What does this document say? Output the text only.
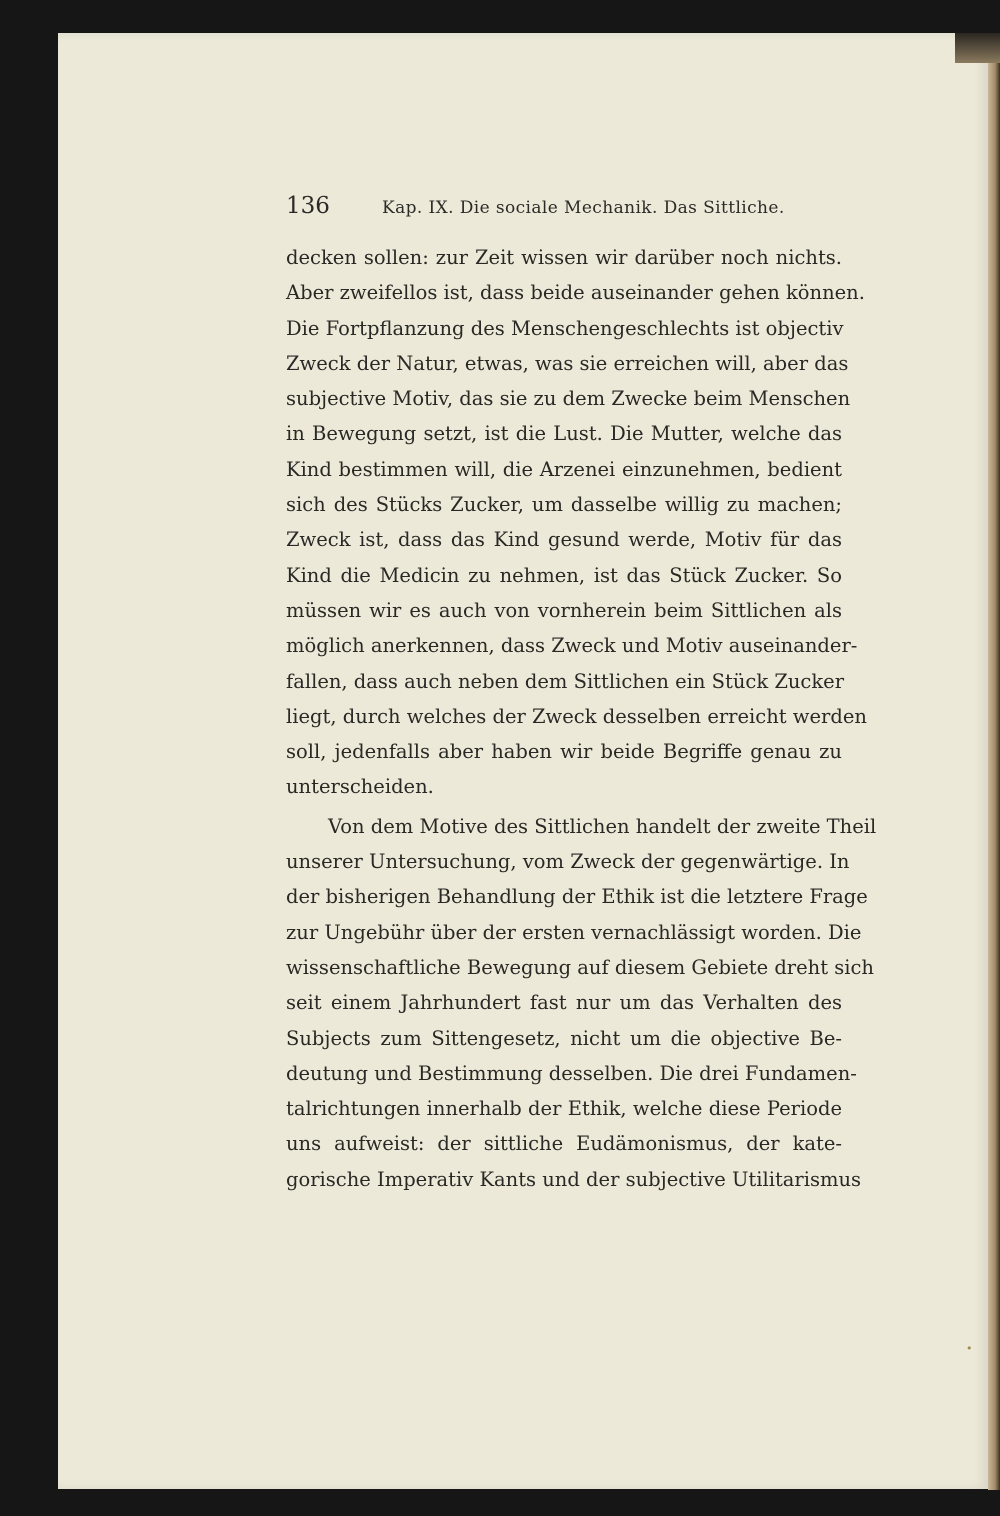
136	Kap. IX. Die sociale Mechanik. Das Sittliche.
decken sollen: zur Zeit wissen wir darüber noch nichts.
Aber zweifellos ist, dass beide auseinander gehen können.
Die Fortpflanzung des Menschengeschlechts ist objectiv
Zweck der Natur, etwas, was sie erreichen will, aber das
subjective Motiv, das sie zu dem Zwecke beim Menschen
in Bewegung setzt, ist die Lust. Die Mutter, welche das
Kind bestimmen will, die Arzenei einzunehmen, bedient
sich des Stücks Zucker, um dasselbe willig zu machen;
Zweck ist, dass das Kind gesund werde, Motiv für das
Kind die Medicin zu nehmen, ist das Stück Zucker. So
müssen wir es auch von vornherein beim Sittlichen als
möglich anerkennen, dass Zweck und Motiv auseinander-
fallen, dass auch neben dem Sittlichen ein Stück Zucker
liegt, durch welches der Zweck desselben erreicht werden
soll, jedenfalls aber haben wir beide Begriffe genau zu
unterscheiden.
Von dem Motive des Sittlichen handelt der zweite Theil
unserer Untersuchung, vom Zweck der gegenwärtige. In
der bisherigen Behandlung der Ethik ist die letztere Frage
zur Ungebühr über der ersten vernachlässigt worden. Die
wissenschaftliche Bewegung auf diesem Gebiete dreht sich
seit einem Jahrhundert fast nur um das Verhalten des
Subjects zum Sittengesetz, nicht um die objective Be-
deutung und Bestimmung desselben. Die drei Fundamen-
talrichtungen innerhalb der Ethik, welche diese Periode
uns aufweist: der sittliche Eudämonismus, der kate-
gorische Imperativ Kants und der subjective Utilitarismus
•
